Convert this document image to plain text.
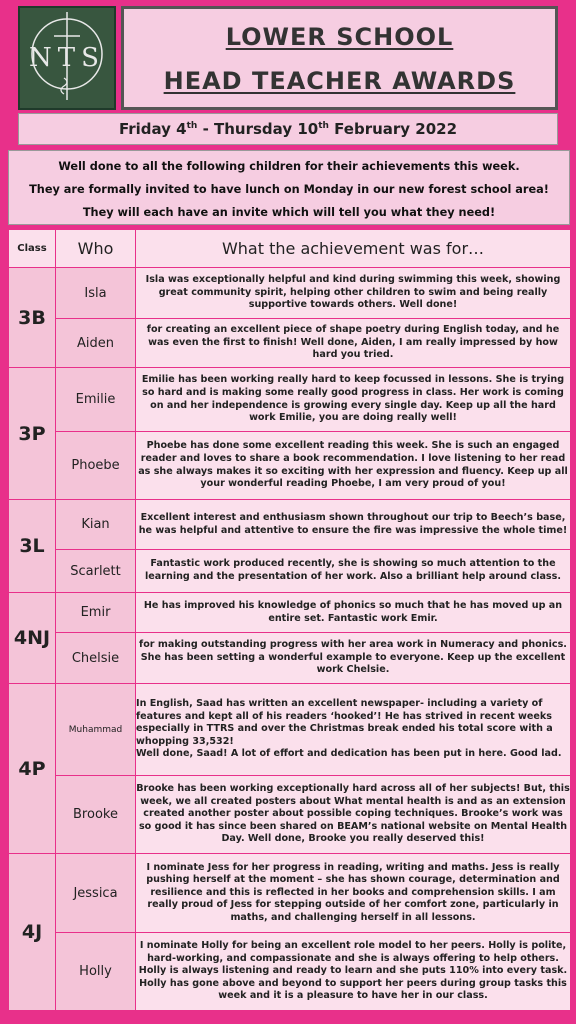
NTS
LOWER SCHOOL
HEAD TEACHER AWARDS
Friday 4th - Thursday 10th February 2022
Well done to all the following children for their achievements this week.
They are formally invited to have lunch on Monday in our new forest school area!
They will each have an invite which will tell you what they need!
Class	Who	What the achievement was for…
3B	Isla	Isla was exceptionally helpful and kind during swimming this week, showing great community spirit, helping other children to swim and being really supportive towards others. Well done!
	Aiden	for creating an excellent piece of shape poetry during English today, and he was even the first to finish! Well done, Aiden, I am really impressed by how hard you tried.
3P	Emilie	Emilie has been working really hard to keep focussed in lessons. She is trying so hard and is making some really good progress in class. Her work is coming on and her independence is growing every single day. Keep up all the hard work Emilie, you are doing really well!
	Phoebe	Phoebe has done some excellent reading this week. She is such an engaged reader and loves to share a book recommendation. I love listening to her read as she always makes it so exciting with her expression and fluency. Keep up all your wonderful reading Phoebe, I am very proud of you!
3L	Kian	Excellent interest and enthusiasm shown throughout our trip to Beech’s base, he was helpful and attentive to ensure the fire was impressive the whole time!
	Scarlett	Fantastic work produced recently, she is showing so much attention to the learning and the presentation of her work. Also a brilliant help around class.
4NJ	Emir	He has improved his knowledge of phonics so much that he has moved up an entire set. Fantastic work Emir.
	Chelsie	for making outstanding progress with her area work in Numeracy and phonics. She has been setting a wonderful example to everyone. Keep up the excellent work Chelsie.
4P	Muhammad	In English, Saad has written an excellent newspaper- including a variety of features and kept all of his readers ‘hooked’! He has strived in recent weeks especially in TTRS and over the Christmas break ended his total score with a whopping 33,532!
Well done, Saad! A lot of effort and dedication has been put in here. Good lad.

	Brooke	Brooke has been working exceptionally hard across all of her subjects! But, this week, we all created posters about What mental health is and as an extension created another poster about possible coping techniques. Brooke’s work was so good it has since been shared on BEAM’s national website on Mental Health Day. Well done, Brooke you really deserved this!
4J	Jessica	I nominate Jess for her progress in reading, writing and maths. Jess is really pushing herself at the moment – she has shown courage, determination and resilience and this is reflected in her books and comprehension skills. I am really proud of Jess for stepping outside of her comfort zone, particularly in maths, and challenging herself in all lessons.
	Holly	I nominate Holly for being an excellent role model to her peers. Holly is polite, hard-working, and compassionate and she is always offering to help others. Holly is always listening and ready to learn and she puts 110% into every task. Holly has gone above and beyond to support her peers during group tasks this week and it is a pleasure to have her in our class.
